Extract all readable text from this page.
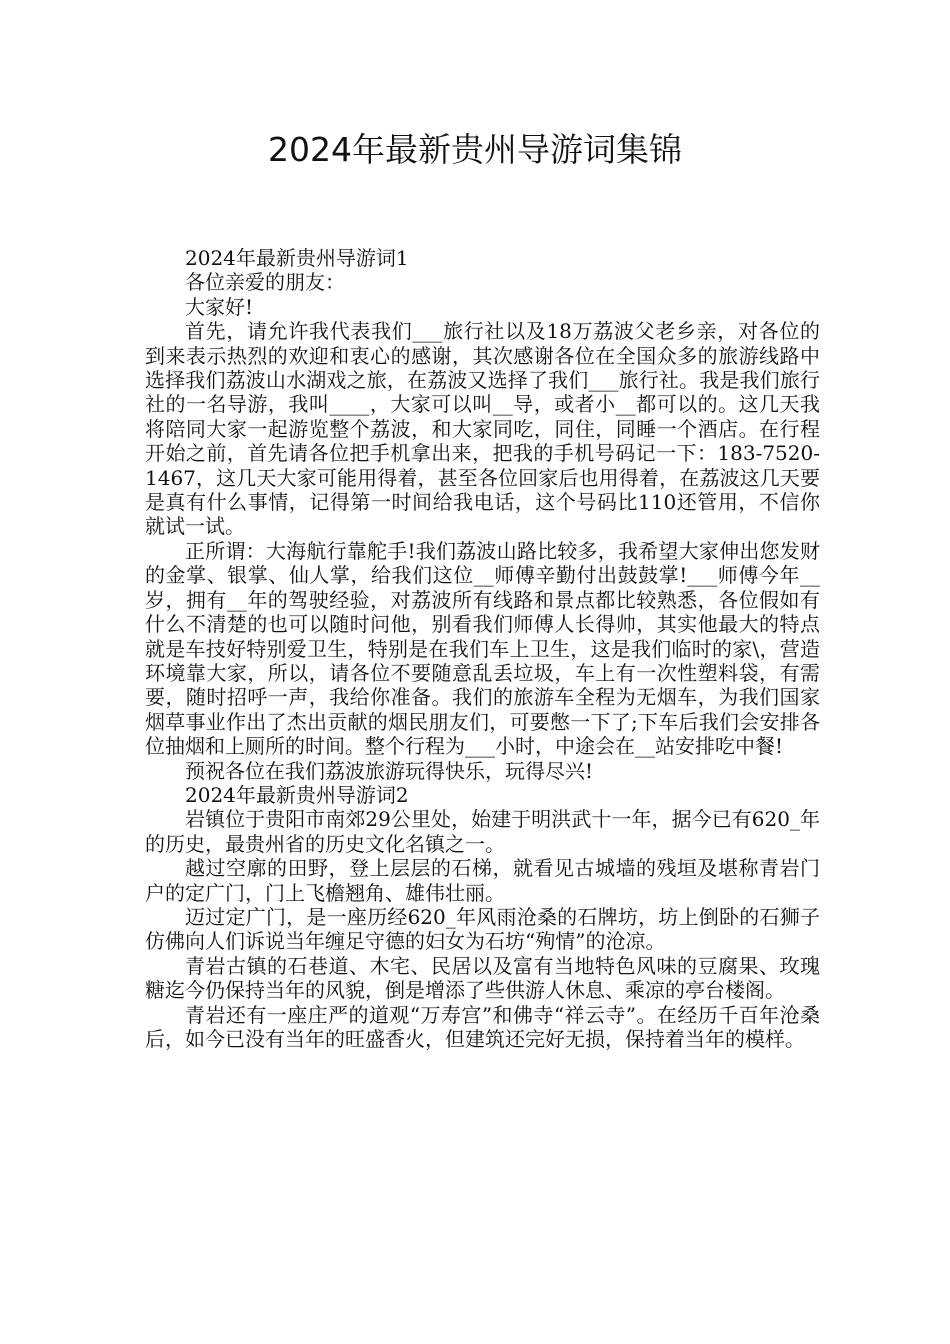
2024年最新贵州导游词集锦

2024年最新贵州导游词1

各位亲爱的朋友：

大家好!

首先，请允许我代表我们___旅行社以及18万荔波父老乡亲，对各位的到来表示热烈的欢迎和衷心的感谢，其次感谢各位在全国众多的旅游线路中选择我们荔波山水湖戏之旅，在荔波又选择了我们___旅行社。我是我们旅行社的一名导游，我叫____，大家可以叫__导，或者小__都可以的。这几天我将陪同大家一起游览整个荔波，和大家同吃，同住，同睡一个酒店。在行程开始之前，首先请各位把手机拿出来，把我的手机号码记一下：183-7520-1467，这几天大家可能用得着，甚至各位回家后也用得着，在荔波这几天要是真有什么事情，记得第一时间给我电话，这个号码比110还管用，不信你就试一试。

正所谓：大海航行靠舵手!我们荔波山路比较多，我希望大家伸出您发财的金掌、银掌、仙人掌，给我们这位__师傅辛勤付出鼓鼓掌!___师傅今年__岁，拥有__年的驾驶经验，对荔波所有线路和景点都比较熟悉，各位假如有什么不清楚的也可以随时问他，别看我们师傅人长得帅，其实他最大的特点就是车技好特别爱卫生，特别是在我们车上卫生，这是我们临时的家\，营造环境靠大家，所以，请各位不要随意乱丢垃圾，车上有一次性塑料袋，有需要，随时招呼一声，我给你准备。我们的旅游车全程为无烟车，为我们国家烟草事业作出了杰出贡献的烟民朋友们，可要憋一下了;下车后我们会安排各位抽烟和上厕所的时间。整个行程为___小时，中途会在__站安排吃中餐!

预祝各位在我们荔波旅游玩得快乐，玩得尽兴!

2024年最新贵州导游词2

岩镇位于贵阳市南郊29公里处，始建于明洪武十一年，据今已有620_年的历史，最贵州省的历史文化名镇之一。

越过空廓的田野，登上层层的石梯，就看见古城墙的残垣及堪称青岩门户的定广门，门上飞檐翘角、雄伟壮丽。

迈过定广门，是一座历经620_年风雨沧桑的石牌坊，坊上倒卧的石狮子仿佛向人们诉说当年缠足守德的妇女为石坊“殉情”的沧凉。

青岩古镇的石巷道、木宅、民居以及富有当地特色风味的豆腐果、玫瑰糖迄今仍保持当年的风貌，倒是增添了些供游人休息、乘凉的亭台楼阁。

青岩还有一座庄严的道观“万寿宫”和佛寺“祥云寺”。在经历千百年沧桑后，如今已没有当年的旺盛香火，但建筑还完好无损，保持着当年的模样。
